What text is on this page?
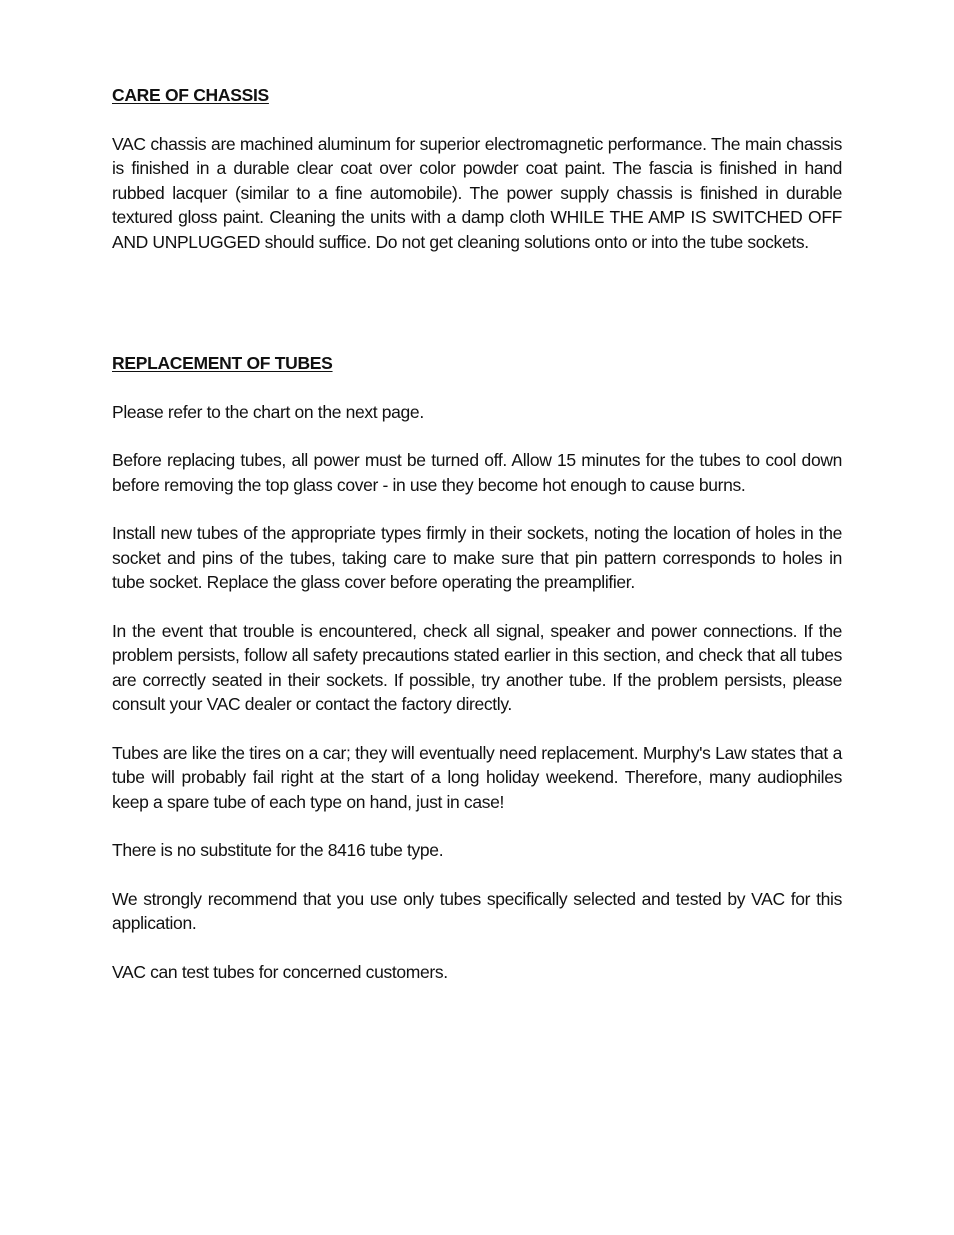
CARE OF CHASSIS

VAC chassis are machined aluminum for superior electromagnetic performance. The main chassis is finished in a durable clear coat over color powder coat paint. The fascia is finished in hand rubbed lacquer (similar to a fine automobile). The power supply chassis is finished in durable textured gloss paint. Cleaning the units with a damp cloth WHILE THE AMP IS SWITCHED OFF AND UNPLUGGED should suffice. Do not get cleaning solutions onto or into the tube sockets.

REPLACEMENT OF TUBES

Please refer to the chart on the next page.

Before replacing tubes, all power must be turned off. Allow 15 minutes for the tubes to cool down before removing the top glass cover - in use they become hot enough to cause burns.

Install new tubes of the appropriate types firmly in their sockets, noting the location of holes in the socket and pins of the tubes, taking care to make sure that pin pattern corresponds to holes in tube socket. Replace the glass cover before operating the preamplifier.

In the event that trouble is encountered, check all signal, speaker and power connections. If the problem persists, follow all safety precautions stated earlier in this section, and check that all tubes are correctly seated in their sockets. If possible, try another tube. If the problem persists, please consult your VAC dealer or contact the factory directly.

Tubes are like the tires on a car; they will eventually need replacement. Murphy's Law states that a tube will probably fail right at the start of a long holiday weekend. Therefore, many audiophiles keep a spare tube of each type on hand, just in case!

There is no substitute for the 8416 tube type.

We strongly recommend that you use only tubes specifically selected and tested by VAC for this application.

VAC can test tubes for concerned customers.
